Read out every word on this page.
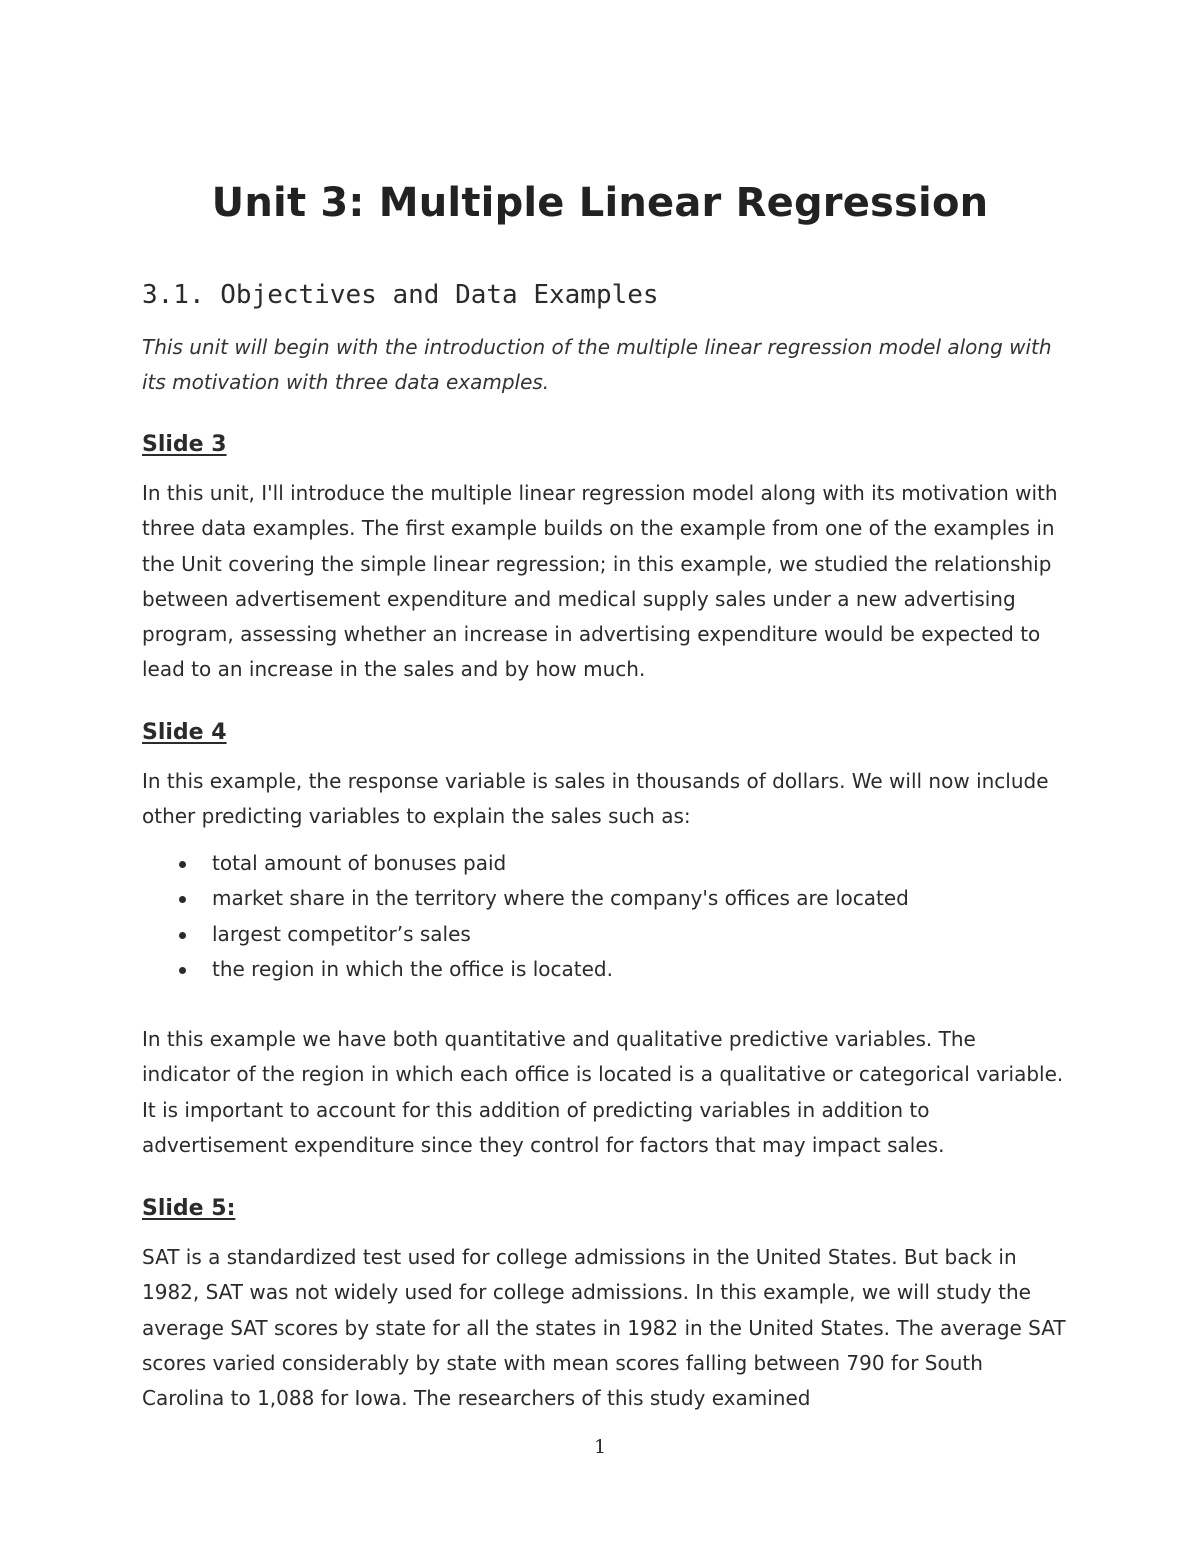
Unit 3: Multiple Linear Regression
3.1. Objectives and Data Examples

This unit will begin with the introduction of the multiple linear regression model along with its motivation with three data examples.

Slide 3

In this unit, I'll introduce the multiple linear regression model along with its motivation with three data examples. The first example builds on the example from one of the examples in the Unit covering the simple linear regression; in this example, we studied the relationship between advertisement expenditure and medical supply sales under a new advertising program, assessing whether an increase in advertising expenditure would be expected to lead to an increase in the sales and by how much.

Slide 4

In this example, the response variable is sales in thousands of dollars. We will now include other predicting variables to explain the sales such as:

total amount of bonuses paid
market share in the territory where the company's offices are located
largest competitor’s sales
the region in which the office is located.

In this example we have both quantitative and qualitative predictive variables. The indicator of the region in which each office is located is a qualitative or categorical variable. It is important to account for this addition of predicting variables in addition to advertisement expenditure since they control for factors that may impact sales.

Slide 5:

SAT is a standardized test used for college admissions in the United States. But back in 1982, SAT was not widely used for college admissions. In this example, we will study the average SAT scores by state for all the states in 1982 in the United States. The average SAT scores varied considerably by state with mean scores falling between 790 for South Carolina to 1,088 for Iowa. The researchers of this study examined

1
